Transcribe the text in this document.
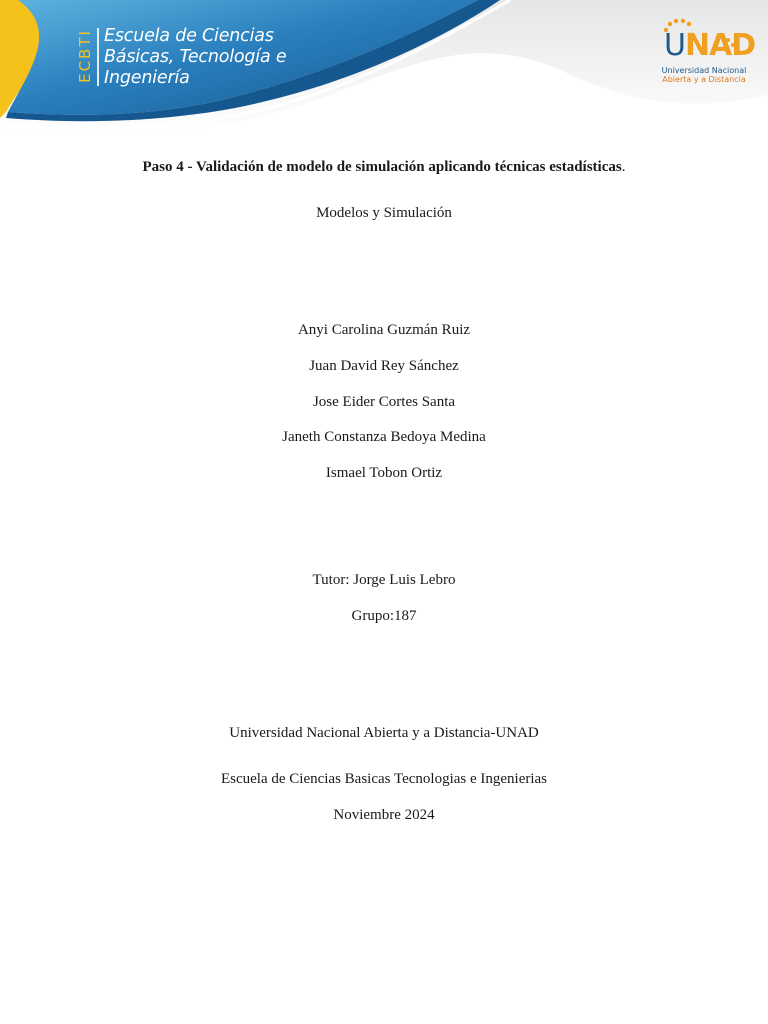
ECBTI Escuela de Ciencias
Básicas, Tecnología e
Ingeniería
UNAD
Universidad Nacional
Abierta y a Distancia
Paso 4 - Validación de modelo de simulación aplicando técnicas estadísticas.
Modelos y Simulación
Anyi Carolina Guzmán Ruiz
Juan David Rey Sánchez
Jose Eider Cortes Santa
Janeth Constanza Bedoya Medina
Ismael Tobon Ortiz
Tutor: Jorge Luis Lebro
Grupo:187
Universidad Nacional Abierta y a Distancia-UNAD
Escuela de Ciencias Basicas Tecnologias e Ingenierias
Noviembre 2024
